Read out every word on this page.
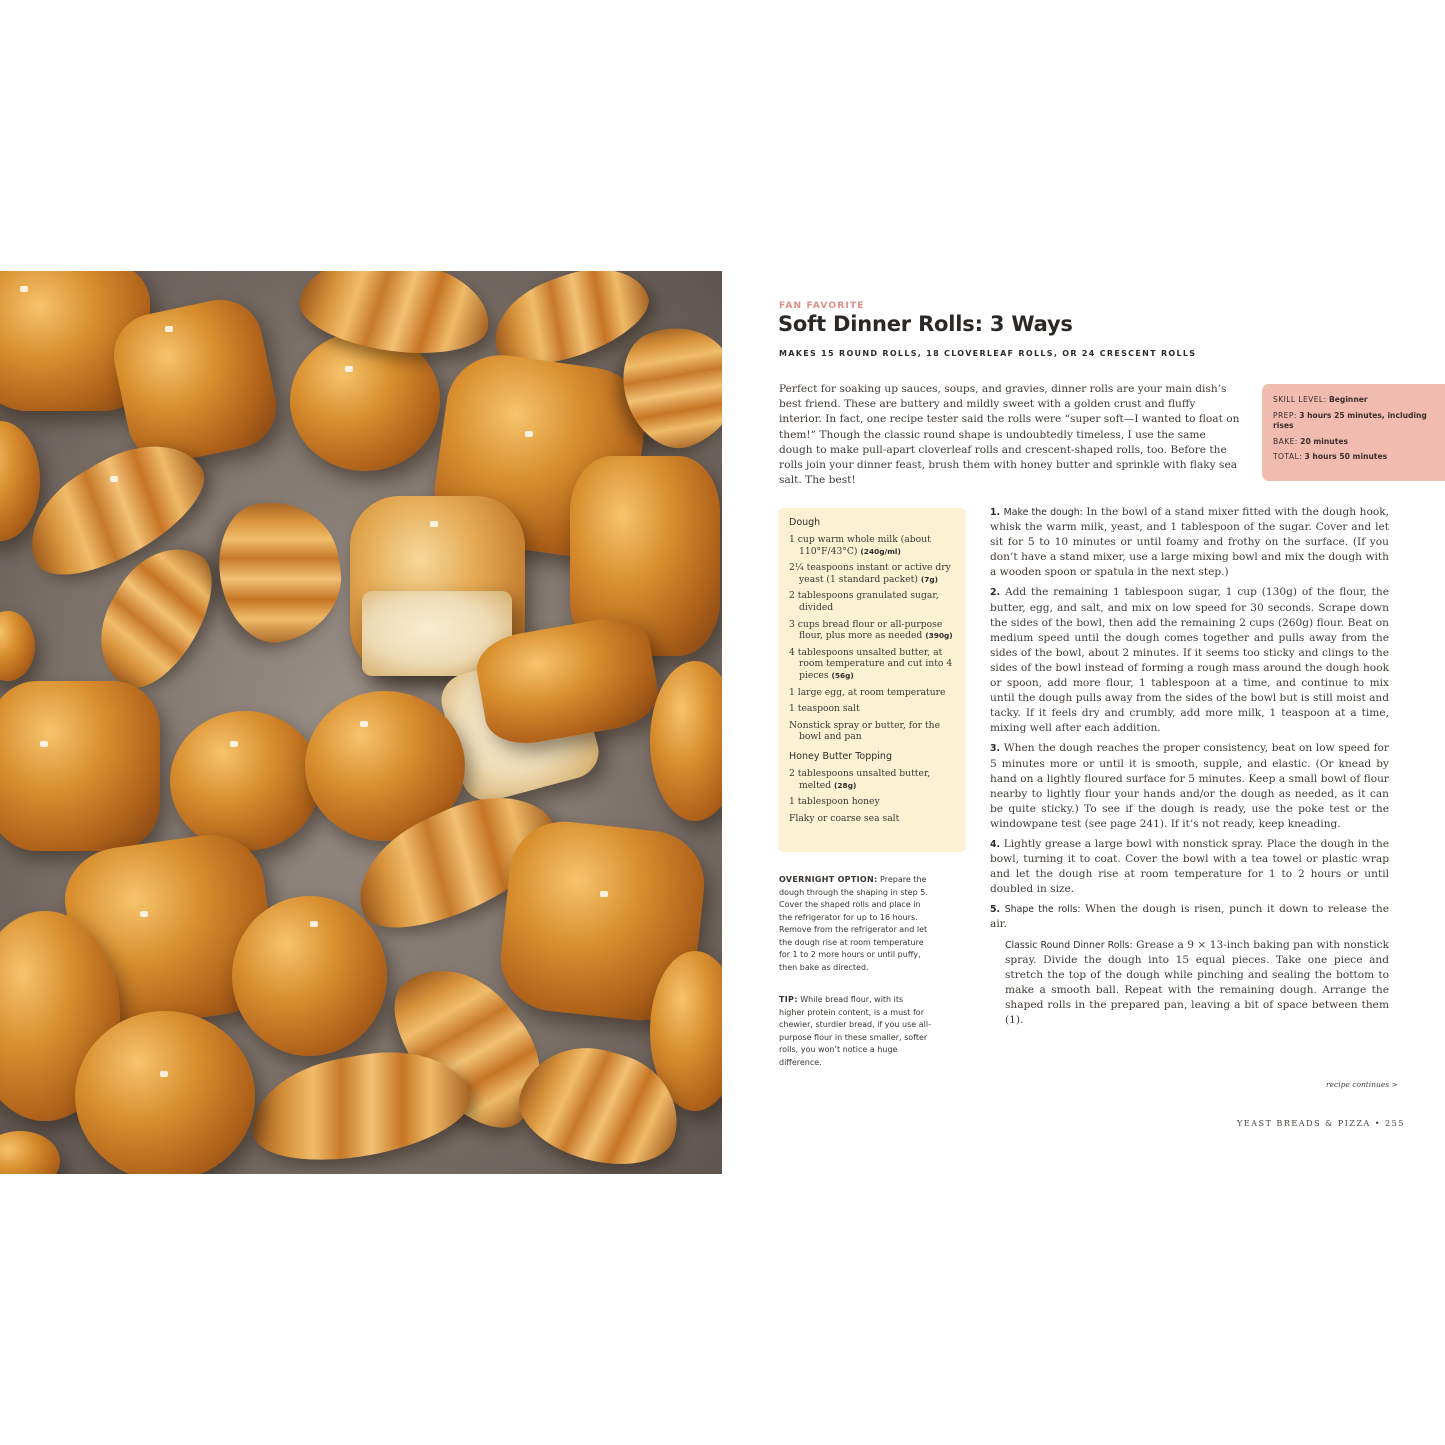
FAN FAVORITE
Soft Dinner Rolls: 3 Ways
MAKES 15 ROUND ROLLS, 18 CLOVERLEAF ROLLS, OR 24 CRESCENT ROLLS

Perfect for soaking up sauces, soups, and gravies, dinner rolls are your main dish’s best friend. These are buttery and mildly sweet with a golden crust and fluffy interior. In fact, one recipe tester said the rolls were “super soft—I wanted to float on them!” Though the classic round shape is undoubtedly timeless, I use the same dough to make pull-apart cloverleaf rolls and crescent-shaped rolls, too. Before the rolls join your dinner feast, brush them with honey butter and sprinkle with flaky sea salt. The best!

SKILL LEVEL: Beginner
PREP: 3 hours 25 minutes, including rises
BAKE: 20 minutes
TOTAL: 3 hours 50 minutes
Dough
1 cup warm whole milk (about 110°F/43°C) (240g/ml)
2¼ teaspoons instant or active dry yeast (1 standard packet) (7g)
2 tablespoons granulated sugar, divided
3 cups bread flour or all-purpose flour, plus more as needed (390g)
4 tablespoons unsalted butter, at room temperature and cut into 4 pieces (56g)
1 large egg, at room temperature
1 teaspoon salt
Nonstick spray or butter, for the bowl and pan
Honey Butter Topping
2 tablespoons unsalted butter, melted (28g)
1 tablespoon honey
Flaky or coarse sea salt
OVERNIGHT OPTION: Prepare the dough through the shaping in step 5. Cover the shaped rolls and place in the refrigerator for up to 16 hours. Remove from the refrigerator and let the dough rise at room temperature for 1 to 2 more hours or until puffy, then bake as directed.
TIP: While bread flour, with its higher protein content, is a must for chewier, sturdier bread, if you use all-purpose flour in these smaller, softer rolls, you won’t notice a huge difference.
1. Make the dough: In the bowl of a stand mixer fitted with the dough hook, whisk the warm milk, yeast, and 1 tablespoon of the sugar. Cover and let sit for 5 to 10 minutes or until foamy and frothy on the surface. (If you don’t have a stand mixer, use a large mixing bowl and mix the dough with a wooden spoon or spatula in the next step.)
2. Add the remaining 1 tablespoon sugar, 1 cup (130g) of the flour, the butter, egg, and salt, and mix on low speed for 30 seconds. Scrape down the sides of the bowl, then add the remaining 2 cups (260g) flour. Beat on medium speed until the dough comes together and pulls away from the sides of the bowl, about 2 minutes. If it seems too sticky and clings to the sides of the bowl instead of forming a rough mass around the dough hook or spoon, add more flour, 1 tablespoon at a time, and continue to mix until the dough pulls away from the sides of the bowl but is still moist and tacky. If it feels dry and crumbly, add more milk, 1 teaspoon at a time, mixing well after each addition.
3. When the dough reaches the proper consistency, beat on low speed for 5 minutes more or until it is smooth, supple, and elastic. (Or knead by hand on a lightly floured surface for 5 minutes. Keep a small bowl of flour nearby to lightly flour your hands and/or the dough as needed, as it can be quite sticky.) To see if the dough is ready, use the poke test or the windowpane test (see page 241). If it’s not ready, keep kneading.
4. Lightly grease a large bowl with nonstick spray. Place the dough in the bowl, turning it to coat. Cover the bowl with a tea towel or plastic wrap and let the dough rise at room temperature for 1 to 2 hours or until doubled in size.
5. Shape the rolls: When the dough is risen, punch it down to release the air.
Classic Round Dinner Rolls: Grease a 9 × 13-inch baking pan with nonstick spray. Divide the dough into 15 equal pieces. Take one piece and stretch the top of the dough while pinching and sealing the bottom to make a smooth ball. Repeat with the remaining dough. Arrange the shaped rolls in the prepared pan, leaving a bit of space between them (1).
recipe continues >
YEAST BREADS & PIZZA • 255
